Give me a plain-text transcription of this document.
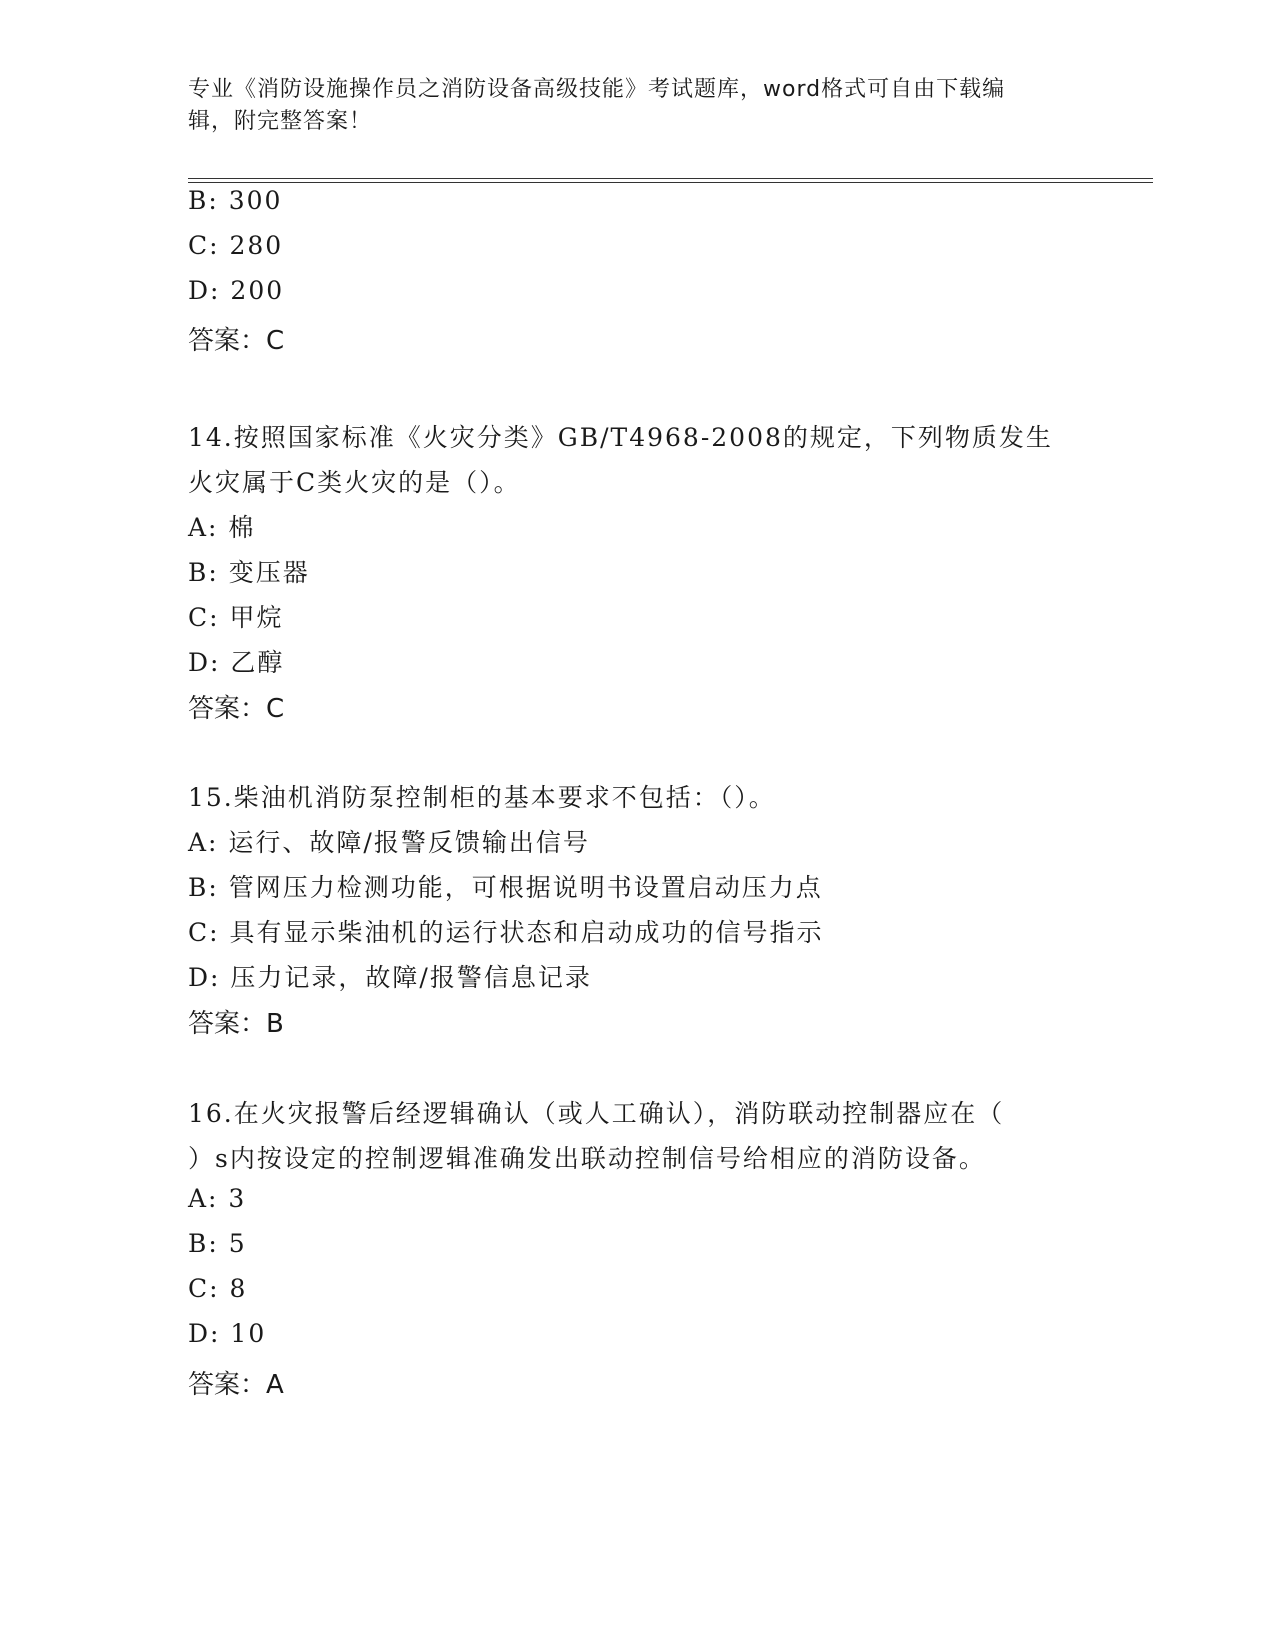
专业《消防设施操作员之消防设备高级技能》考试题库，word格式可自由下载编
辑，附完整答案！
B: 300
C: 280
D: 200
答案：C
14.按照国家标准《火灾分类》GB/T4968-2008的规定，下列物质发生
火灾属于C类火灾的是（）。
A: 棉
B: 变压器
C: 甲烷
D: 乙醇
答案：C
15.柴油机消防泵控制柜的基本要求不包括：（）。
A: 运行、故障/报警反馈输出信号
B: 管网压力检测功能，可根据说明书设置启动压力点
C: 具有显示柴油机的运行状态和启动成功的信号指示
D: 压力记录，故障/报警信息记录
答案：B
16.在火灾报警后经逻辑确认（或人工确认），消防联动控制器应在（
）s内按设定的控制逻辑准确发出联动控制信号给相应的消防设备。
A: 3
B: 5
C: 8
D: 10
答案：A
